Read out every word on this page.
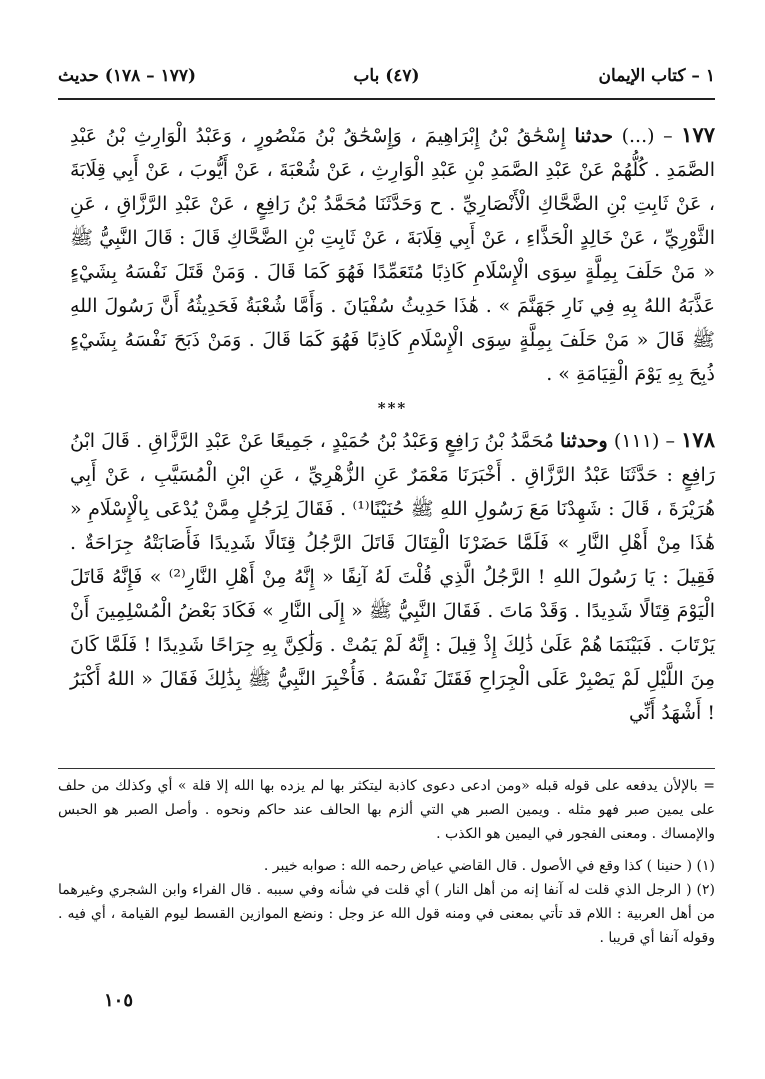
١ – كتاب الإيمان
(٤٧) باب
(١٧٧ – ١٧٨) حديث

١٧٧ – (...) حدثنا إِسْحَٰقُ بْنُ إِبْرَاهِيمَ ، وَإِسْحَٰقُ بْنُ مَنْصُورٍ ، وَعَبْدُ الْوَارِثِ بْنُ عَبْدِ الصَّمَدِ . كُلُّهُمْ عَنْ عَبْدِ الصَّمَدِ بْنِ عَبْدِ الْوَارِثِ ، عَنْ شُعْبَةَ ، عَنْ أَيُّوبَ ، عَنْ أَبِي قِلَابَةَ ، عَنْ ثَابِتِ بْنِ الضَّحَّاكِ الْأَنْصَارِيِّ . ح وَحَدَّثَنَا مُحَمَّدُ بْنُ رَافِعٍ ، عَنْ عَبْدِ الرَّزَّاقِ ، عَنِ الثَّوْرِيِّ ، عَنْ خَالِدٍ الْحَذَّاءِ ، عَنْ أَبِي قِلَابَةَ ، عَنْ ثَابِتِ بْنِ الضَّحَّاكِ قَالَ : قَالَ النَّبِيُّ ﷺ « مَنْ حَلَفَ بِمِلَّةٍ سِوَى الْإِسْلَامِ كَاذِبًا مُتَعَمِّدًا فَهُوَ كَمَا قَالَ . وَمَنْ قَتَلَ نَفْسَهُ بِشَيْءٍ عَذَّبَهُ اللهُ بِهِ فِي نَارِ جَهَنَّمَ » . هَٰذَا حَدِيثُ سُفْيَانَ . وَأَمَّا شُعْبَةُ فَحَدِيثُهُ أَنَّ رَسُولَ اللهِ ﷺ قَالَ « مَنْ حَلَفَ بِمِلَّةٍ سِوَى الْإِسْلَامِ كَاذِبًا فَهُوَ كَمَا قَالَ . وَمَنْ ذَبَحَ نَفْسَهُ بِشَيْءٍ ذُبِحَ بِهِ يَوْمَ الْقِيَامَةِ » .

***

١٧٨ – (١١١) وحدثنا مُحَمَّدُ بْنُ رَافِعٍ وَعَبْدُ بْنُ حُمَيْدٍ ، جَمِيعًا عَنْ عَبْدِ الرَّزَّاقِ . قَالَ ابْنُ رَافِعٍ : حَدَّثَنَا عَبْدُ الرَّزَّاقِ . أَخْبَرَنَا مَعْمَرٌ عَنِ الزُّهْرِيِّ ، عَنِ ابْنِ الْمُسَيَّبِ ، عَنْ أَبِي هُرَيْرَةَ ، قَالَ : شَهِدْنَا مَعَ رَسُولِ اللهِ ﷺ حُنَيْنًا⁽¹⁾ . فَقَالَ لِرَجُلٍ مِمَّنْ يُدْعَى بِالْإِسْلَامِ « هَٰذَا مِنْ أَهْلِ النَّارِ » فَلَمَّا حَضَرْنَا الْقِتَالَ قَاتَلَ الرَّجُلُ قِتَالًا شَدِيدًا فَأَصَابَتْهُ جِرَاحَةٌ . فَقِيلَ : يَا رَسُولَ اللهِ ! الرَّجُلُ الَّذِي قُلْتَ لَهُ آنِفًا « إِنَّهُ مِنْ أَهْلِ النَّارِ⁽²⁾ » فَإِنَّهُ قَاتَلَ الْيَوْمَ قِتَالًا شَدِيدًا . وَقَدْ مَاتَ . فَقَالَ النَّبِيُّ ﷺ « إِلَى النَّارِ » فَكَادَ بَعْضُ الْمُسْلِمِينَ أَنْ يَرْتَابَ . فَبَيْنَمَا هُمْ عَلَىٰ ذَٰلِكَ إِذْ قِيلَ : إِنَّهُ لَمْ يَمُتْ . وَلَٰكِنَّ بِهِ جِرَاحًا شَدِيدًا ! فَلَمَّا كَانَ مِنَ اللَّيْلِ لَمْ يَصْبِرْ عَلَى الْجِرَاحِ فَقَتَلَ نَفْسَهُ . فَأُخْبِرَ النَّبِيُّ ﷺ بِذَٰلِكَ فَقَالَ « اللهُ أَكْبَرُ ! أَشْهَدُ أَنِّي

= بالإلأن يدفعه على قوله قبله «ومن ادعى دعوى كاذبة ليتكثر بها لم يزده بها الله إلا قلة » أي وكذلك من حلف على يمين صبر فهو مثله . ويمين الصبر هي التي ألزم بها الحالف عند حاكم ونحوه . وأصل الصبر هو الحبس والإمساك . ومعنى الفجور في اليمين هو الكذب .

(١) ( حنينا ) كذا وقع في الأصول . قال القاضي عياض رحمه الله : صوابه خيبر .

(٢) ( الرجل الذي قلت له آنفا إنه من أهل النار ) أي قلت في شأنه وفي سببه . قال الفراء وابن الشجري وغيرهما من أهل العربية : اللام قد تأتي بمعنى في ومنه قول الله عز وجل : ونضع الموازين القسط ليوم القيامة ، أي فيه . وقوله آنفا أي قريبا .

١٠٥
